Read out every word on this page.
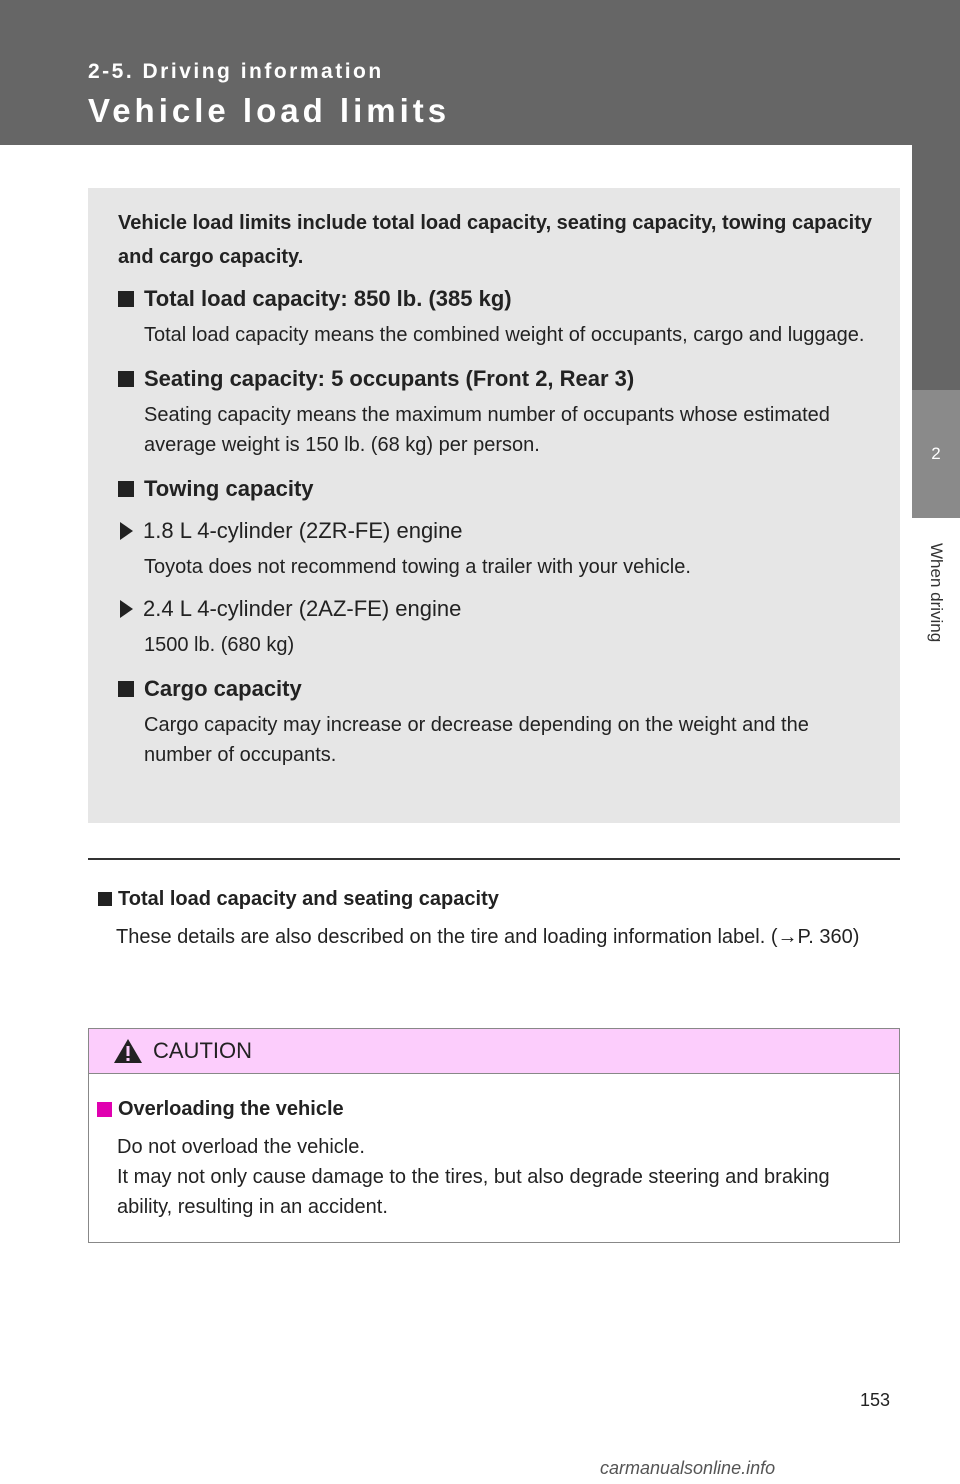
2-5. Driving information
Vehicle load limits
2
When driving

Vehicle load limits include total load capacity, seating capacity, towing capacity and cargo capacity.

Total load capacity: 850 lb. (385 kg)

Total load capacity means the combined weight of occupants, cargo and luggage.

Seating capacity: 5 occupants (Front 2, Rear 3)

Seating capacity means the maximum number of occupants whose estimated average weight is 150 lb. (68 kg) per person.

Towing capacity
1.8 L 4-cylinder (2ZR-FE) engine

Toyota does not recommend towing a trailer with your vehicle.

2.4 L 4-cylinder (2AZ-FE) engine

1500 lb. (680 kg)

Cargo capacity

Cargo capacity may increase or decrease depending on the weight and the number of occupants.

Total load capacity and seating capacity

These details are also described on the tire and loading information label. (→P. 360)

CAUTION
Overloading the vehicle

Do not overload the vehicle.
It may not only cause damage to the tires, but also degrade steering and braking ability, resulting in an accident.

153
carmanualsonline.info
